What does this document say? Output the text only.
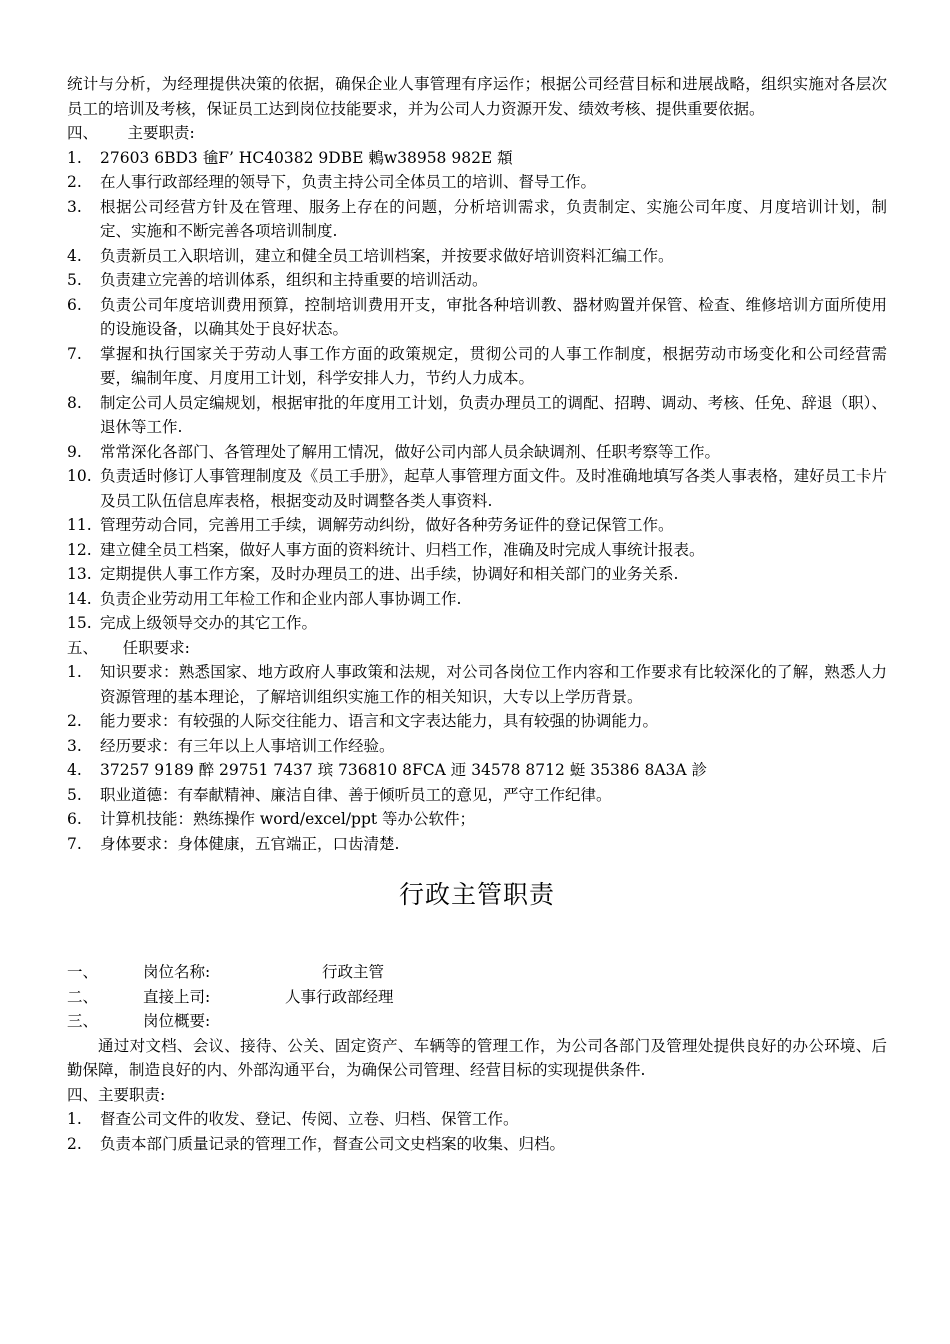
统计与分析，为经理提供决策的依据，确保企业人事管理有序运作；根据公司经营目标和进展战略，组织实施对各层次员工的培训及考核，保证员工达到岗位技能要求，并为公司人力资源开发、绩效考核、提供重要依据。

四、      主要职责:

1.	27603 6BD3 毺F’ HC40382 9DBE 鶇w38958 982E 頮
2.	在人事行政部经理的领导下，负责主持公司全体员工的培训、督导工作。
3.	根据公司经营方针及在管理、服务上存在的问题，分析培训需求，负责制定、实施公司年度、月度培训计划，制定、实施和不断完善各项培训制度.
4.	负责新员工入职培训，建立和健全员工培训档案，并按要求做好培训资料汇编工作。
5.	负责建立完善的培训体系，组织和主持重要的培训活动。
6.	负责公司年度培训费用预算，控制培训费用开支，审批各种培训教、器材购置并保管、检查、维修培训方面所使用的设施设备，以确其处于良好状态。
7.	掌握和执行国家关于劳动人事工作方面的政策规定，贯彻公司的人事工作制度，根据劳动市场变化和公司经营需要，编制年度、月度用工计划，科学安排人力，节约人力成本。
8.	制定公司人员定编规划，根据审批的年度用工计划，负责办理员工的调配、招聘、调动、考核、任免、辞退（职）、退休等工作.
9.	常常深化各部门、各管理处了解用工情况，做好公司内部人员余缺调剂、任职考察等工作。
10. 负责适时修订人事管理制度及《员工手册》，起草人事管理方面文件。及时准确地填写各类人事表格，建好员工卡片及员工队伍信息库表格，根据变动及时调整各类人事资料.
11. 管理劳动合同，完善用工手续，调解劳动纠纷，做好各种劳务证件的登记保管工作。
12. 建立健全员工档案，做好人事方面的资料统计、归档工作，准确及时完成人事统计报表。
13. 定期提供人事工作方案，及时办理员工的进、出手续，协调好和相关部门的业务关系.
14. 负责企业劳动用工年检工作和企业内部人事协调工作.
15. 完成上级领导交办的其它工作。

五、     任职要求:

1.	知识要求：熟悉国家、地方政府人事政策和法规，对公司各岗位工作内容和工作要求有比较深化的了解，熟悉人力资源管理的基本理论，了解培训组织实施工作的相关知识，大专以上学历背景。
2.	能力要求：有较强的人际交往能力、语言和文字表达能力，具有较强的协调能力。
3.	经历要求：有三年以上人事培训工作经验。
4.	37257 9189 醉 29751 7437 瑸 736810 8FCA 迊 34578 8712 蜓 35386 8A3A 診
5.	职业道德：有奉献精神、廉洁自律、善于倾听员工的意见，严守工作纪律。
6.	计算机技能：熟练操作 word/excel/ppt 等办公软件；
7.	身体要求：身体健康，五官端正，口齿清楚.
行政主管职责
一、	岗位名称:	行政主管
二、	直接上司:	人事行政部经理
三、	岗位概要:

通过对文档、会议、接待、公关、固定资产、车辆等的管理工作，为公司各部门及管理处提供良好的办公环境、后勤保障，制造良好的内、外部沟通平台，为确保公司管理、经营目标的实现提供条件.

四、主要职责:

1.	督查公司文件的收发、登记、传阅、立卷、归档、保管工作。
2.	负责本部门质量记录的管理工作，督查公司文史档案的收集、归档。
